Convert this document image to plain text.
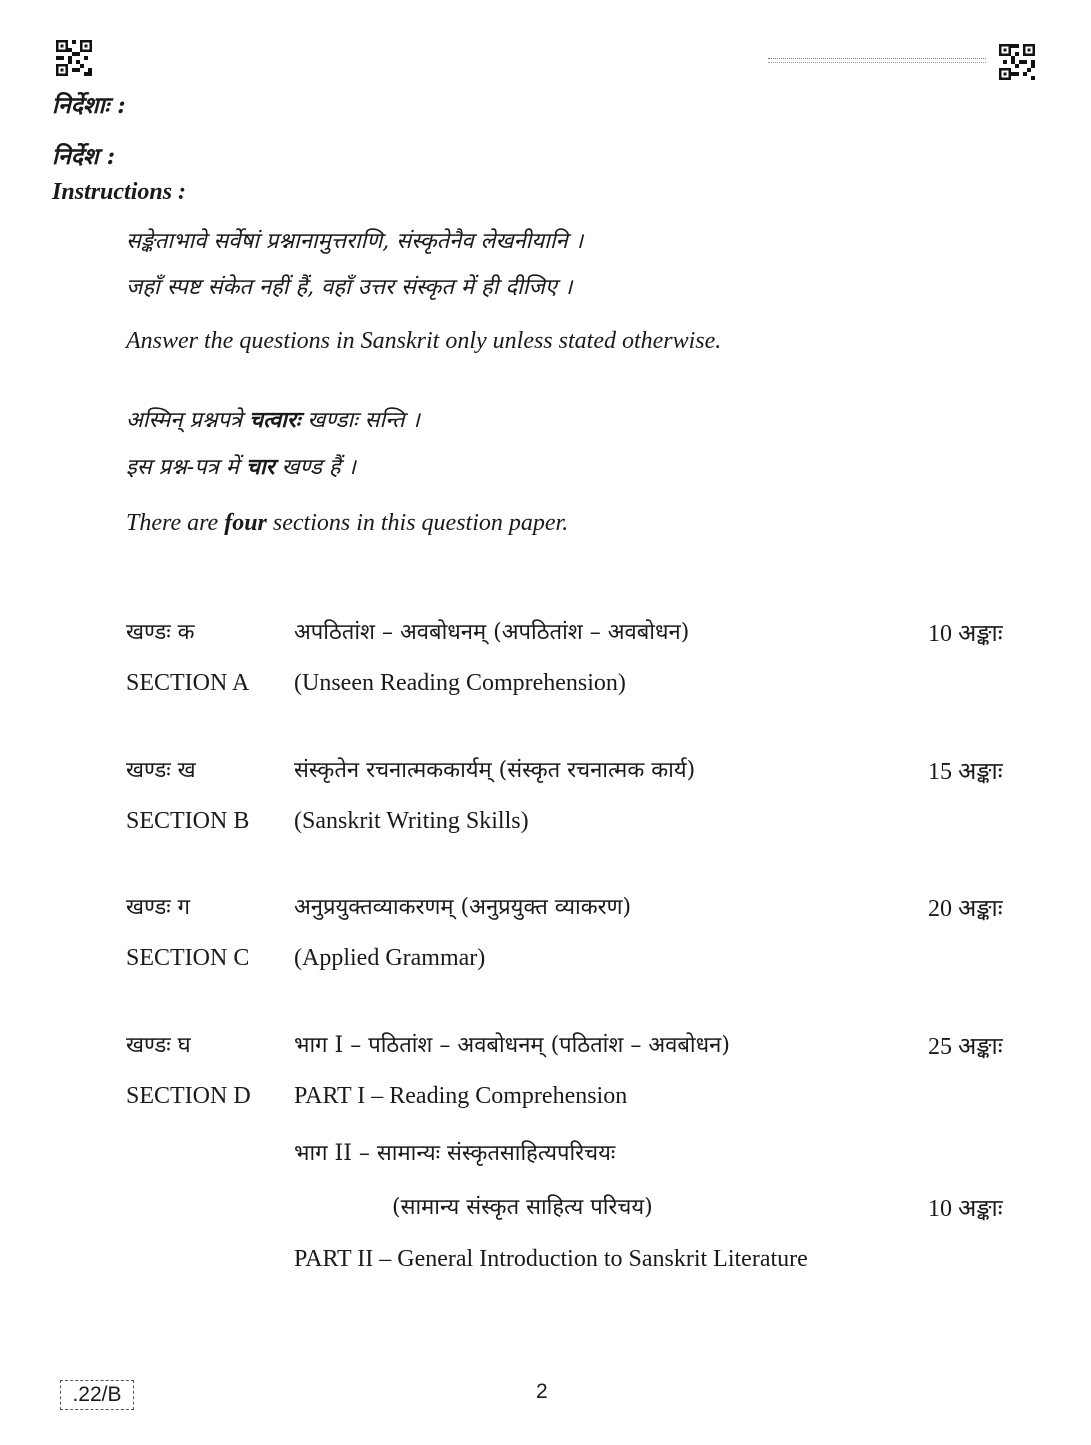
निर्देशाः :
निर्देश :
Instructions :
सङ्केताभावे सर्वेषां प्रश्नानामुत्तराणि, संस्कृतेनैव लेखनीयानि ।
जहाँ स्पष्ट संकेत नहीं हैं, वहाँ उत्तर संस्कृत में ही दीजिए ।
Answer the questions in Sanskrit only unless stated otherwise.
अस्मिन् प्रश्नपत्रे चत्वारः खण्डाः सन्ति ।
इस प्रश्न-पत्र में चार खण्ड हैं ।
There are four sections in this question paper.
खण्डः क	अपठितांश – अवबोधनम् (अपठितांश – अवबोधन)	10 अङ्काः
SECTION A (Unseen Reading Comprehension)
खण्डः ख	संस्कृतेन रचनात्मककार्यम् (संस्कृत रचनात्मक कार्य)	15 अङ्काः
SECTION B (Sanskrit Writing Skills)
खण्डः ग	अनुप्रयुक्तव्याकरणम् (अनुप्रयुक्त व्याकरण)	20 अङ्काः
SECTION C (Applied Grammar)
खण्डः घ	भाग I – पठितांश – अवबोधनम् (पठितांश – अवबोधन)	25 अङ्काः
SECTION D PART I – Reading Comprehension
भाग II – सामान्यः संस्कृतसाहित्यपरिचयः
(सामान्य संस्कृत साहित्य परिचय)	10 अङ्काः
PART II – General Introduction to Sanskrit Literature
.22/B	2
